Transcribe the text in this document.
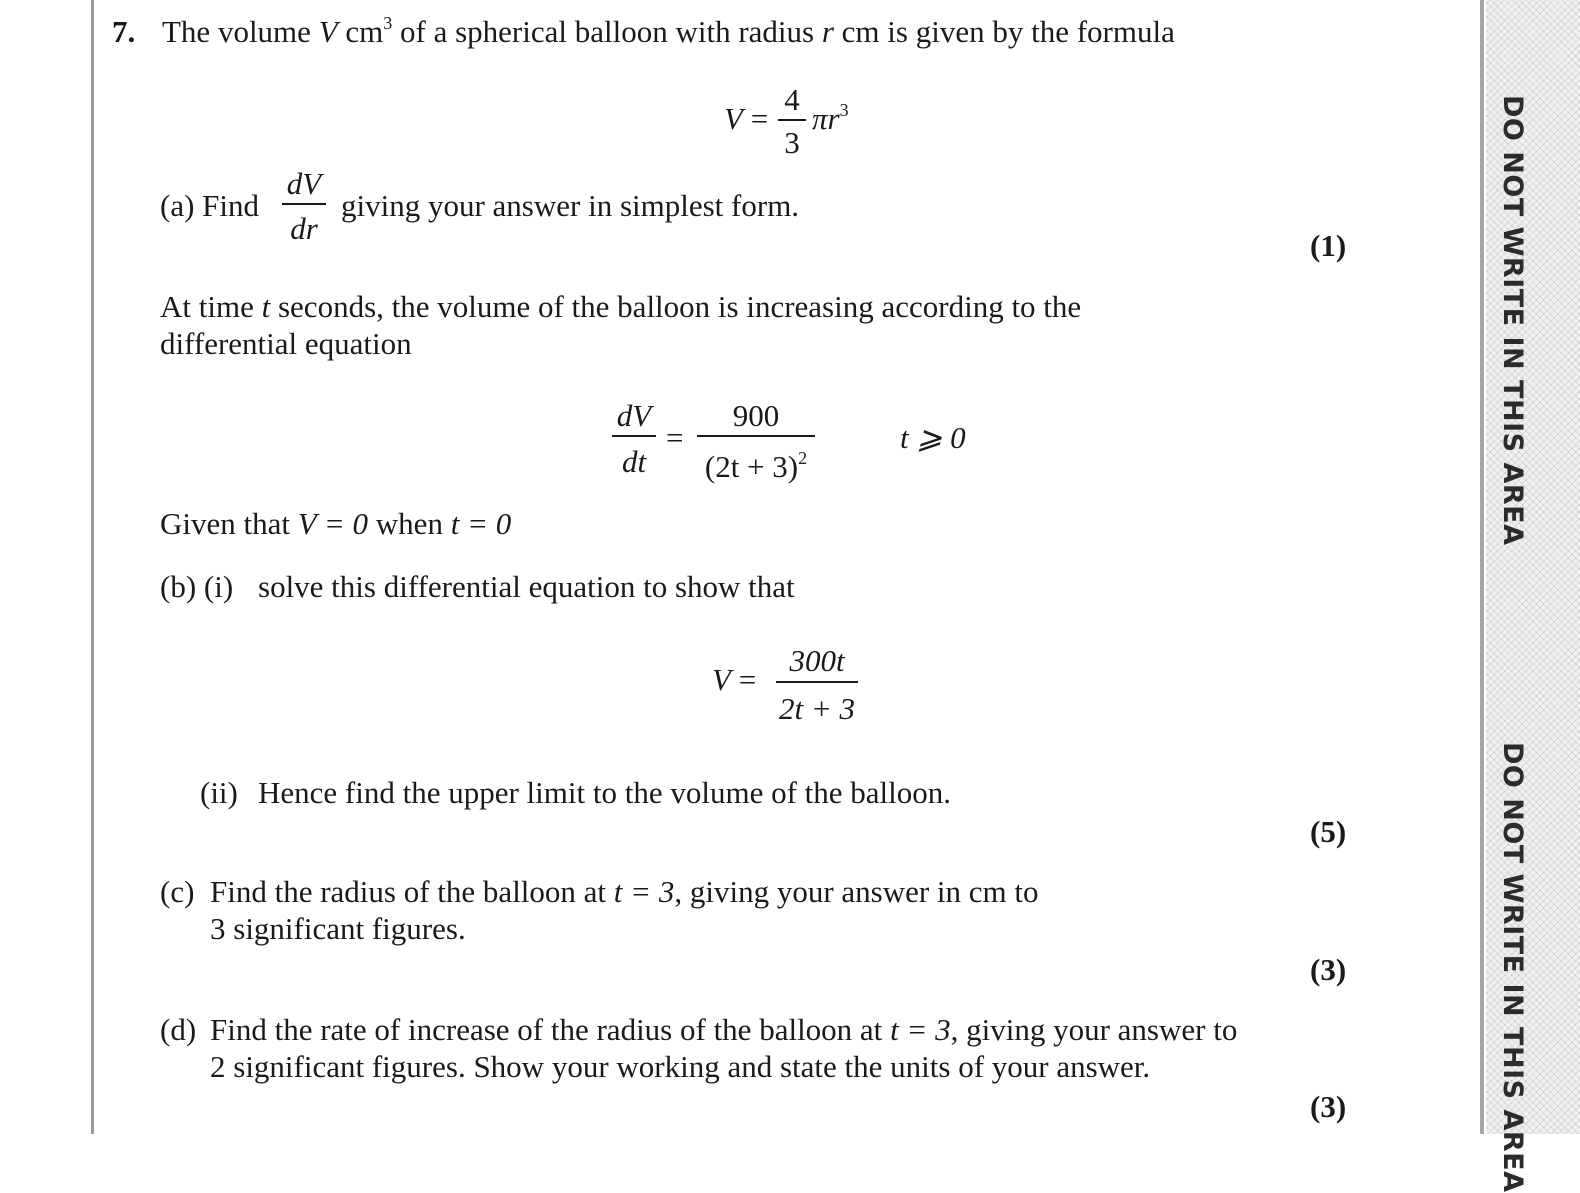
DO NOT WRITE IN THIS AREA
DO NOT WRITE IN THIS AREA
7. The volume V $cm^3$ of a spherical balloon with radius r cm is given by the formula
V =
4
3
$\pi r^3$
(a) Find
dV
dr
giving your answer in simplest form.
(1)
At time t seconds, the volume of the balloon is increasing according to the
differential equation
dV
dt
=
900
$(2t + 3)^2$
t ⩾ 0
Given that V = 0 when t = 0
(b) (i) solve this differential equation to show that
V =
300t
2t + 3
(ii) Hence find the upper limit to the volume of the balloon.
(5)
(c) Find the radius of the balloon at t = 3, giving your answer in cm to
3 significant figures.
(3)
(d) Find the rate of increase of the radius of the balloon at t = 3, giving your answer to
2 significant figures. Show your working and state the units of your answer.
(3)
